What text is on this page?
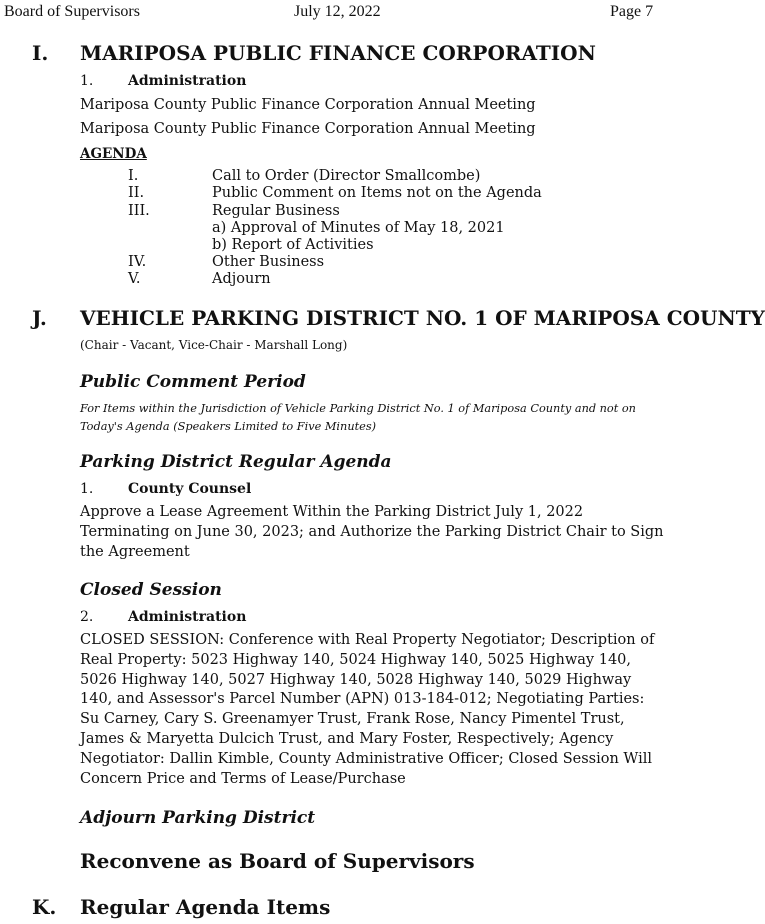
Board of Supervisors	July 12, 2022	Page 7
I. MARIPOSA PUBLIC FINANCE CORPORATION
1. Administration
Mariposa County Public Finance Corporation Annual Meeting
Mariposa County Public Finance Corporation Annual Meeting
AGENDA
I.	Call to Order (Director Smallcombe)
II.	Public Comment on Items not on the Agenda
III.	Regular Business
a) Approval of Minutes of May 18, 2021
b) Report of Activities
IV.	Other Business
V.	Adjourn
J. VEHICLE PARKING DISTRICT NO. 1 OF MARIPOSA COUNTY
(Chair - Vacant, Vice-Chair - Marshall Long)
Public Comment Period
For Items within the Jurisdiction of Vehicle Parking District No. 1 of Mariposa County and not on Today's Agenda (Speakers Limited to Five Minutes)
Parking District Regular Agenda
1. County Counsel
Approve a Lease Agreement Within the Parking District July 1, 2022 Terminating on June 30, 2023; and Authorize the Parking District Chair to Sign the Agreement
Closed Session
2. Administration
CLOSED SESSION: Conference with Real Property Negotiator; Description of Real Property: 5023 Highway 140, 5024 Highway 140, 5025 Highway 140, 5026 Highway 140, 5027 Highway 140, 5028 Highway 140, 5029 Highway 140, and Assessor's Parcel Number (APN) 013-184-012; Negotiating Parties: Su Carney, Cary S. Greenamyer Trust, Frank Rose, Nancy Pimentel Trust, James & Maryetta Dulcich Trust, and Mary Foster, Respectively; Agency Negotiator: Dallin Kimble, County Administrative Officer; Closed Session Will Concern Price and Terms of Lease/Purchase
Adjourn Parking District
Reconvene as Board of Supervisors
K. Regular Agenda Items
